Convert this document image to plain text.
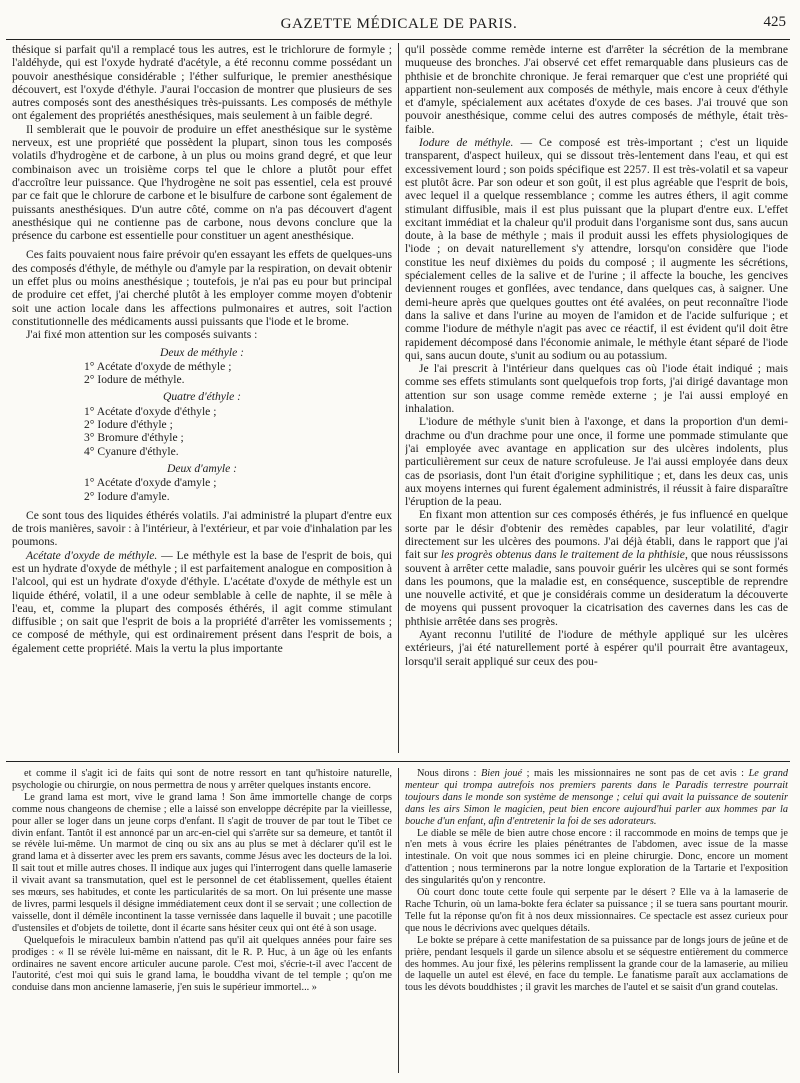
GAZETTE MÉDICALE DE PARIS.	425

thésique si parfait qu'il a remplacé tous les autres, est le trichlorure de formyle ; l'aldéhyde, qui est l'oxyde hydraté d'acétyle, a été reconnu comme possédant un pouvoir anesthésique considérable ; l'éther sulfurique, le premier anesthésique découvert, est l'oxyde d'éthyle. J'aurai l'occasion de montrer que plusieurs de ses autres composés sont des anesthésiques très-puissants. Les composés de méthyle ont également des propriétés anesthésiques, mais seulement à un faible degré.

Il semblerait que le pouvoir de produire un effet anesthésique sur le système nerveux, est une propriété que possèdent la plupart, sinon tous les composés volatils d'hydrogène et de carbone, à un plus ou moins grand degré, et que leur combinaison avec un troisième corps tel que le chlore a plutôt pour effet d'accroître leur puissance. Que l'hydrogène ne soit pas essentiel, cela est prouvé par ce fait que le chlorure de carbone et le bisulfure de carbone sont également de puissants anesthésiques. D'un autre côté, comme on n'a pas découvert d'agent anesthésique qui ne contienne pas de carbone, nous devons conclure que la présence du carbone est essentielle pour constituer un agent anesthésique.

Ces faits pouvaient nous faire prévoir qu'en essayant les effets de quelques-uns des composés d'éthyle, de méthyle ou d'amyle par la respiration, on devait obtenir un effet plus ou moins anesthésique ; toutefois, je n'ai pas eu pour but principal de produire cet effet, j'ai cherché plutôt à les employer comme moyen d'obtenir soit une action locale dans les affections pulmonaires et autres, soit l'action constitutionnelle des médicaments aussi puissants que l'iode et le brome.

J'ai fixé mon attention sur les composés suivants :

Deux de méthyle :
1° Acétate d'oxyde de méthyle ;
2° Iodure de méthyle.
Quatre d'éthyle :
1° Acétate d'oxyde d'éthyle ;
2° Iodure d'éthyle ;
3° Bromure d'éthyle ;
4° Cyanure d'éthyle.
Deux d'amyle :
1° Acétate d'oxyde d'amyle ;
2° Iodure d'amyle.

Ce sont tous des liquides éthérés volatils. J'ai administré la plupart d'entre eux de trois manières, savoir : à l'intérieur, à l'extérieur, et par voie d'inhalation par les poumons.

Acétate d'oxyde de méthyle. — Le méthyle est la base de l'esprit de bois, qui est un hydrate d'oxyde de méthyle ; il est parfaitement analogue en composition à l'alcool, qui est un hydrate d'oxyde d'éthyle. L'acétate d'oxyde de méthyle est un liquide éthéré, volatil, il a une odeur semblable à celle de naphte, il se mêle à l'eau, et, comme la plupart des composés éthérés, il agit comme stimulant diffusible ; on sait que l'esprit de bois a la propriété d'arrêter les vomissements ; ce composé de méthyle, qui est ordinairement présent dans l'esprit de bois, a également cette propriété. Mais la vertu la plus importante

qu'il possède comme remède interne est d'arrêter la sécrétion de la membrane muqueuse des bronches. J'ai observé cet effet remarquable dans plusieurs cas de phthisie et de bronchite chronique. Je ferai remarquer que c'est une propriété qui appartient non-seulement aux composés de méthyle, mais encore à ceux d'éthyle et d'amyle, spécialement aux acétates d'oxyde de ces bases. J'ai trouvé que son pouvoir anesthésique, comme celui des autres composés de méthyle, était très-faible.

Iodure de méthyle. — Ce composé est très-important ; c'est un liquide transparent, d'aspect huileux, qui se dissout très-lentement dans l'eau, et qui est excessivement lourd ; son poids spécifique est 2257. Il est très-volatil et sa vapeur est plutôt âcre. Par son odeur et son goût, il est plus agréable que l'esprit de bois, avec lequel il a quelque ressemblance ; comme les autres éthers, il agit comme stimulant diffusible, mais il est plus puissant que la plupart d'entre eux. L'effet excitant immédiat et la chaleur qu'il produit dans l'organisme sont dus, sans aucun doute, à la base de méthyle ; mais il produit aussi les effets physiologiques de l'iode ; on devait naturellement s'y attendre, lorsqu'on considère que l'iode constitue les neuf dixièmes du poids du composé ; il augmente les sécrétions, spécialement celles de la salive et de l'urine ; il affecte la bouche, les gencives deviennent rouges et gonflées, avec tendance, dans quelques cas, à saigner. Une demi-heure après que quelques gouttes ont été avalées, on peut reconnaître l'iode dans la salive et dans l'urine au moyen de l'amidon et de l'acide sulfurique ; et comme l'iodure de méthyle n'agit pas avec ce réactif, il est évident qu'il doit être rapidement décomposé dans l'économie animale, le méthyle étant séparé de l'iode qui, sans aucun doute, s'unit au sodium ou au potassium.

Je l'ai prescrit à l'intérieur dans quelques cas où l'iode était indiqué ; mais comme ses effets stimulants sont quelquefois trop forts, j'ai dirigé davantage mon attention sur son usage comme remède externe ; je l'ai aussi employé en inhalation.

L'iodure de méthyle s'unit bien à l'axonge, et dans la proportion d'un demi-drachme ou d'un drachme pour une once, il forme une pommade stimulante que j'ai employée avec avantage en application sur des ulcères indolents, plus particulièrement sur ceux de nature scrofuleuse. Je l'ai aussi employée dans deux cas de psoriasis, dont l'un était d'origine syphilitique ; et, dans les deux cas, unis aux moyens internes qui furent également administrés, il réussit à faire disparaître l'éruption de la peau.

En fixant mon attention sur ces composés éthérés, je fus influencé en quelque sorte par le désir d'obtenir des remèdes capables, par leur volatilité, d'agir directement sur les ulcères des poumons. J'ai déjà établi, dans le rapport que j'ai fait sur les progrès obtenus dans le traitement de la phthisie, que nous réussissons souvent à arrêter cette maladie, sans pouvoir guérir les ulcères qui se sont formés dans les poumons, que la maladie est, en conséquence, susceptible de reprendre une nouvelle activité, et que je considérais comme un desideratum la découverte de moyens qui pussent provoquer la cicatrisation des cavernes dans les cas de phthisie arrêtée dans ses progrès.

Ayant reconnu l'utilité de l'iodure de méthyle appliqué sur les ulcères extérieurs, j'ai été naturellement porté à espérer qu'il pourrait être avantageux, lorsqu'il serait appliqué sur ceux des pou-

et comme il s'agit ici de faits qui sont de notre ressort en tant qu'histoire naturelle, psychologie ou chirurgie, on nous permettra de nous y arrêter quelques instants encore.

Le grand lama est mort, vive le grand lama ! Son âme immortelle change de corps comme nous changeons de chemise ; elle a laissé son enveloppe décrépite par la vieillesse, pour aller se loger dans un jeune corps d'enfant. Il s'agit de trouver de par tout le Tibet ce divin enfant. Tantôt il est annoncé par un arc-en-ciel qui s'arrête sur sa demeure, et tantôt il se révèle lui-même. Un marmot de cinq ou six ans au plus se met à déclarer qu'il est le grand lama et à disserter avec les prem ers savants, comme Jésus avec les docteurs de la loi. Il sait tout et mille autres choses. Il indique aux juges qui l'interrogent dans quelle lamaserie il vivait avant sa transmutation, quel est le personnel de cet établissement, quelles étaient ses mœurs, ses habitudes, et conte les particularités de sa mort. On lui présente une masse de livres, parmi lesquels il désigne immédiatement ceux dont il se servait ; une collection de vaisselle, dont il démêle incontinent la tasse vernissée dans laquelle il buvait ; une pacotille d'ustensiles et d'objets de toilette, dont il écarte sans hésiter ceux qui ont été à son usage.

Quelquefois le miraculeux bambin n'attend pas qu'il ait quelques années pour faire ses prodiges : « Il se révèle lui-même en naissant, dit le R. P. Huc, à un âge où les enfants ordinaires ne savent encore articuler aucune parole. C'est moi, s'écrie-t-il avec l'accent de l'autorité, c'est moi qui suis le grand lama, le bouddha vivant de tel temple ; qu'on me conduise dans mon ancienne lamaserie, j'en suis le supérieur immortel... »

Nous dirons : Bien joué ; mais les missionnaires ne sont pas de cet avis : Le grand menteur qui trompa autrefois nos premiers parents dans le Paradis terrestre pourrait toujours dans le monde son système de mensonge ; celui qui avait la puissance de soutenir dans les airs Simon le magicien, peut bien encore aujourd'hui parler aux hommes par la bouche d'un enfant, afin d'entretenir la foi de ses adorateurs.

Le diable se mêle de bien autre chose encore : il raccommode en moins de temps que je n'en mets à vous écrire les plaies pénétrantes de l'abdomen, avec issue de la masse intestinale. On voit que nous sommes ici en pleine chirurgie. Donc, encore un moment d'attention ; nous terminerons par la notre longue exploration de la Tartarie et l'exposition des singularités qu'on y rencontre.

Où court donc toute cette foule qui serpente par le désert ? Elle va à la lamaserie de Rache Tchurin, où un lama-bokte fera éclater sa puissance ; il se tuera sans pourtant mourir. Telle fut la réponse qu'on fit à nos deux missionnaires. Ce spectacle est assez curieux pour que nous le décrivions avec quelques détails.

Le bokte se prépare à cette manifestation de sa puissance par de longs jours de jeûne et de prière, pendant lesquels il garde un silence absolu et se séquestre entièrement du commerce des hommes. Au jour fixé, les pèlerins remplissent la grande cour de la lamaserie, au milieu de laquelle un autel est élevé, en face du temple. Le fanatisme paraît aux acclamations de tous les dévots bouddhistes ; il gravit les marches de l'autel et se saisit d'un grand coutelas.
